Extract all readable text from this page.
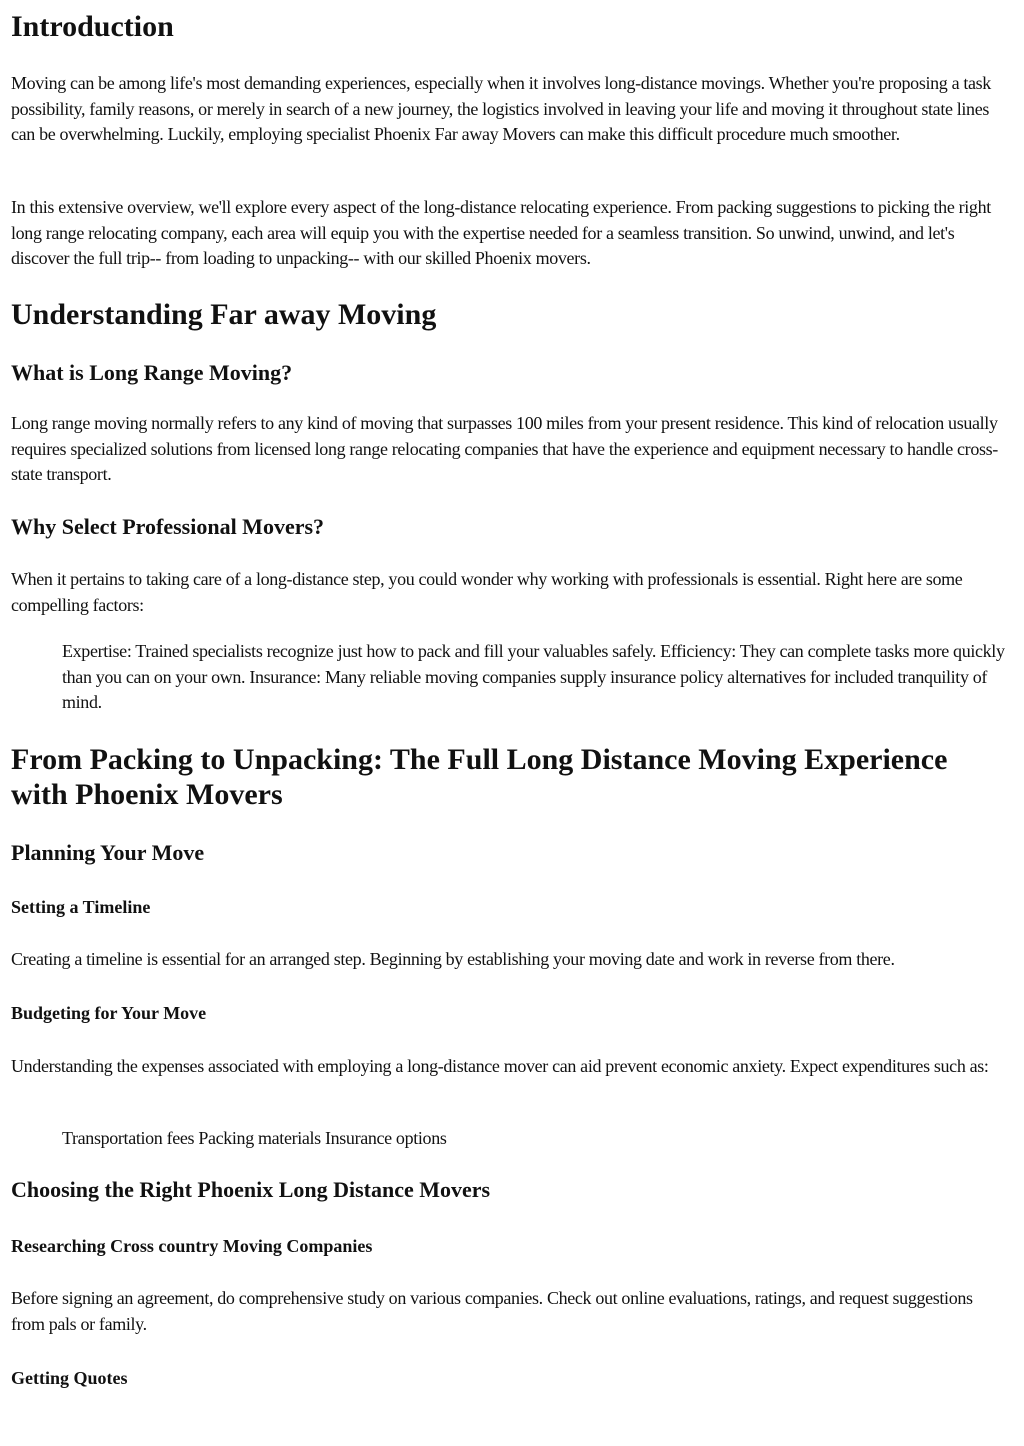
Introduction

Moving can be among life's most demanding experiences, especially when it involves long-distance movings. Whether you're proposing a task possibility, family reasons, or merely in search of a new journey, the logistics involved in leaving your life and moving it throughout state lines can be overwhelming. Luckily, employing specialist Phoenix Far away Movers can make this difficult procedure much smoother.

In this extensive overview, we'll explore every aspect of the long-distance relocating experience. From packing suggestions to picking the right long range relocating company, each area will equip you with the expertise needed for a seamless transition. So unwind, unwind, and let's discover the full trip-- from loading to unpacking-- with our skilled Phoenix movers.

Understanding Far away Moving
What is Long Range Moving?

Long range moving normally refers to any kind of moving that surpasses 100 miles from your present residence. This kind of relocation usually requires specialized solutions from licensed long range relocating companies that have the experience and equipment necessary to handle cross-state transport.

Why Select Professional Movers?

When it pertains to taking care of a long-distance step, you could wonder why working with professionals is essential. Right here are some compelling factors:

Expertise: Trained specialists recognize just how to pack and fill your valuables safely. Efficiency: They can complete tasks more quickly than you can on your own. Insurance: Many reliable moving companies supply insurance policy alternatives for included tranquility of mind.

From Packing to Unpacking: The Full Long Distance Moving Experience with Phoenix Movers
Planning Your Move
Setting a Timeline

Creating a timeline is essential for an arranged step. Beginning by establishing your moving date and work in reverse from there.

Budgeting for Your Move

Understanding the expenses associated with employing a long-distance mover can aid prevent economic anxiety. Expect expenditures such as:

Transportation fees Packing materials Insurance options

Choosing the Right Phoenix Long Distance Movers
Researching Cross country Moving Companies

Before signing an agreement, do comprehensive study on various companies. Check out online evaluations, ratings, and request suggestions from pals or family.

Getting Quotes
